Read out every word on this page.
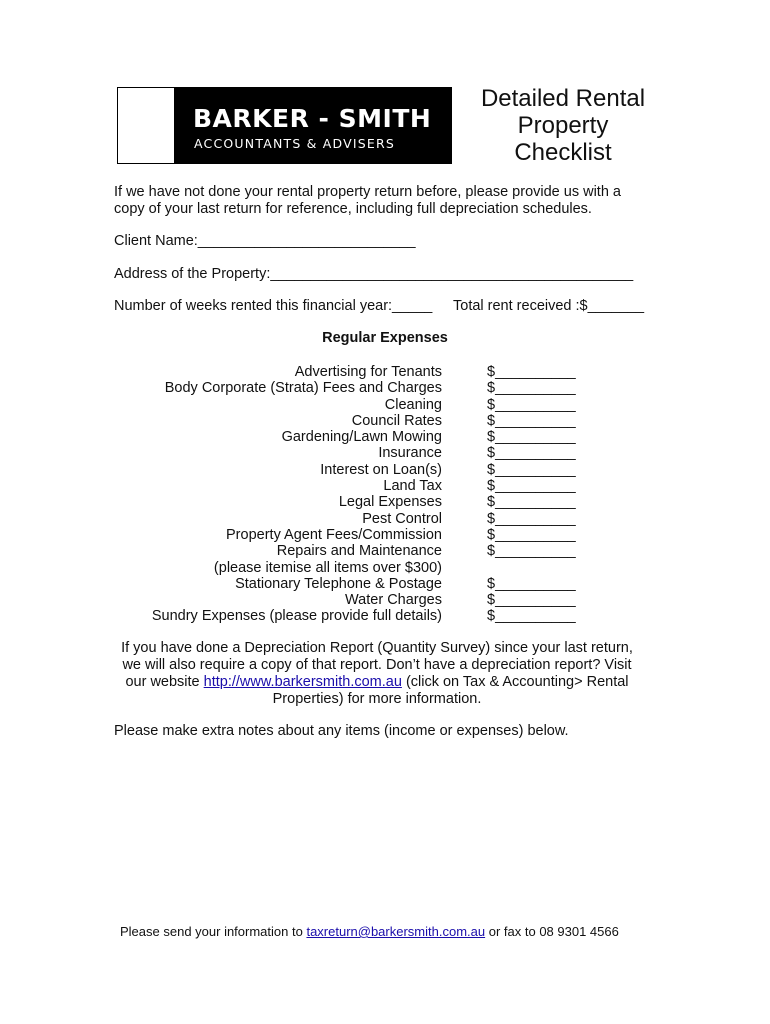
BARKER - SMITH
ACCOUNTANTS & ADVISERS
Detailed Rental
Property
Checklist

If we have not done your rental property return before, please provide us with a
copy of your last return for reference, including full depreciation schedules.

Client Name:___________________________
Address of the Property:_____________________________________________
Number of weeks rented this financial year:_____ Total rent received :$_______
Regular Expenses
Advertising for Tenants
Body Corporate (Strata) Fees and Charges
Cleaning
Council Rates
Gardening/Lawn Mowing
Insurance
Interest on Loan(s)
Land Tax
Legal Expenses
Pest Control
Property Agent Fees/Commission
Repairs and Maintenance
(please itemise all items over $300)
Stationary Telephone & Postage
Water Charges
Sundry Expenses (please provide full details)
$__________
$__________
$__________
$__________
$__________
$__________
$__________
$__________
$__________
$__________
$__________
$__________
$__________
$__________
$__________
If you have done a Depreciation Report (Quantity Survey) since your last return,
we will also require a copy of that report. Don’t have a depreciation report? Visit
our website http://www.barkersmith.com.au (click on Tax & Accounting> Rental
Properties) for more information.
Please make extra notes about any items (income or expenses) below.
Please send your information to taxreturn@barkersmith.com.au or fax to 08 9301 4566
